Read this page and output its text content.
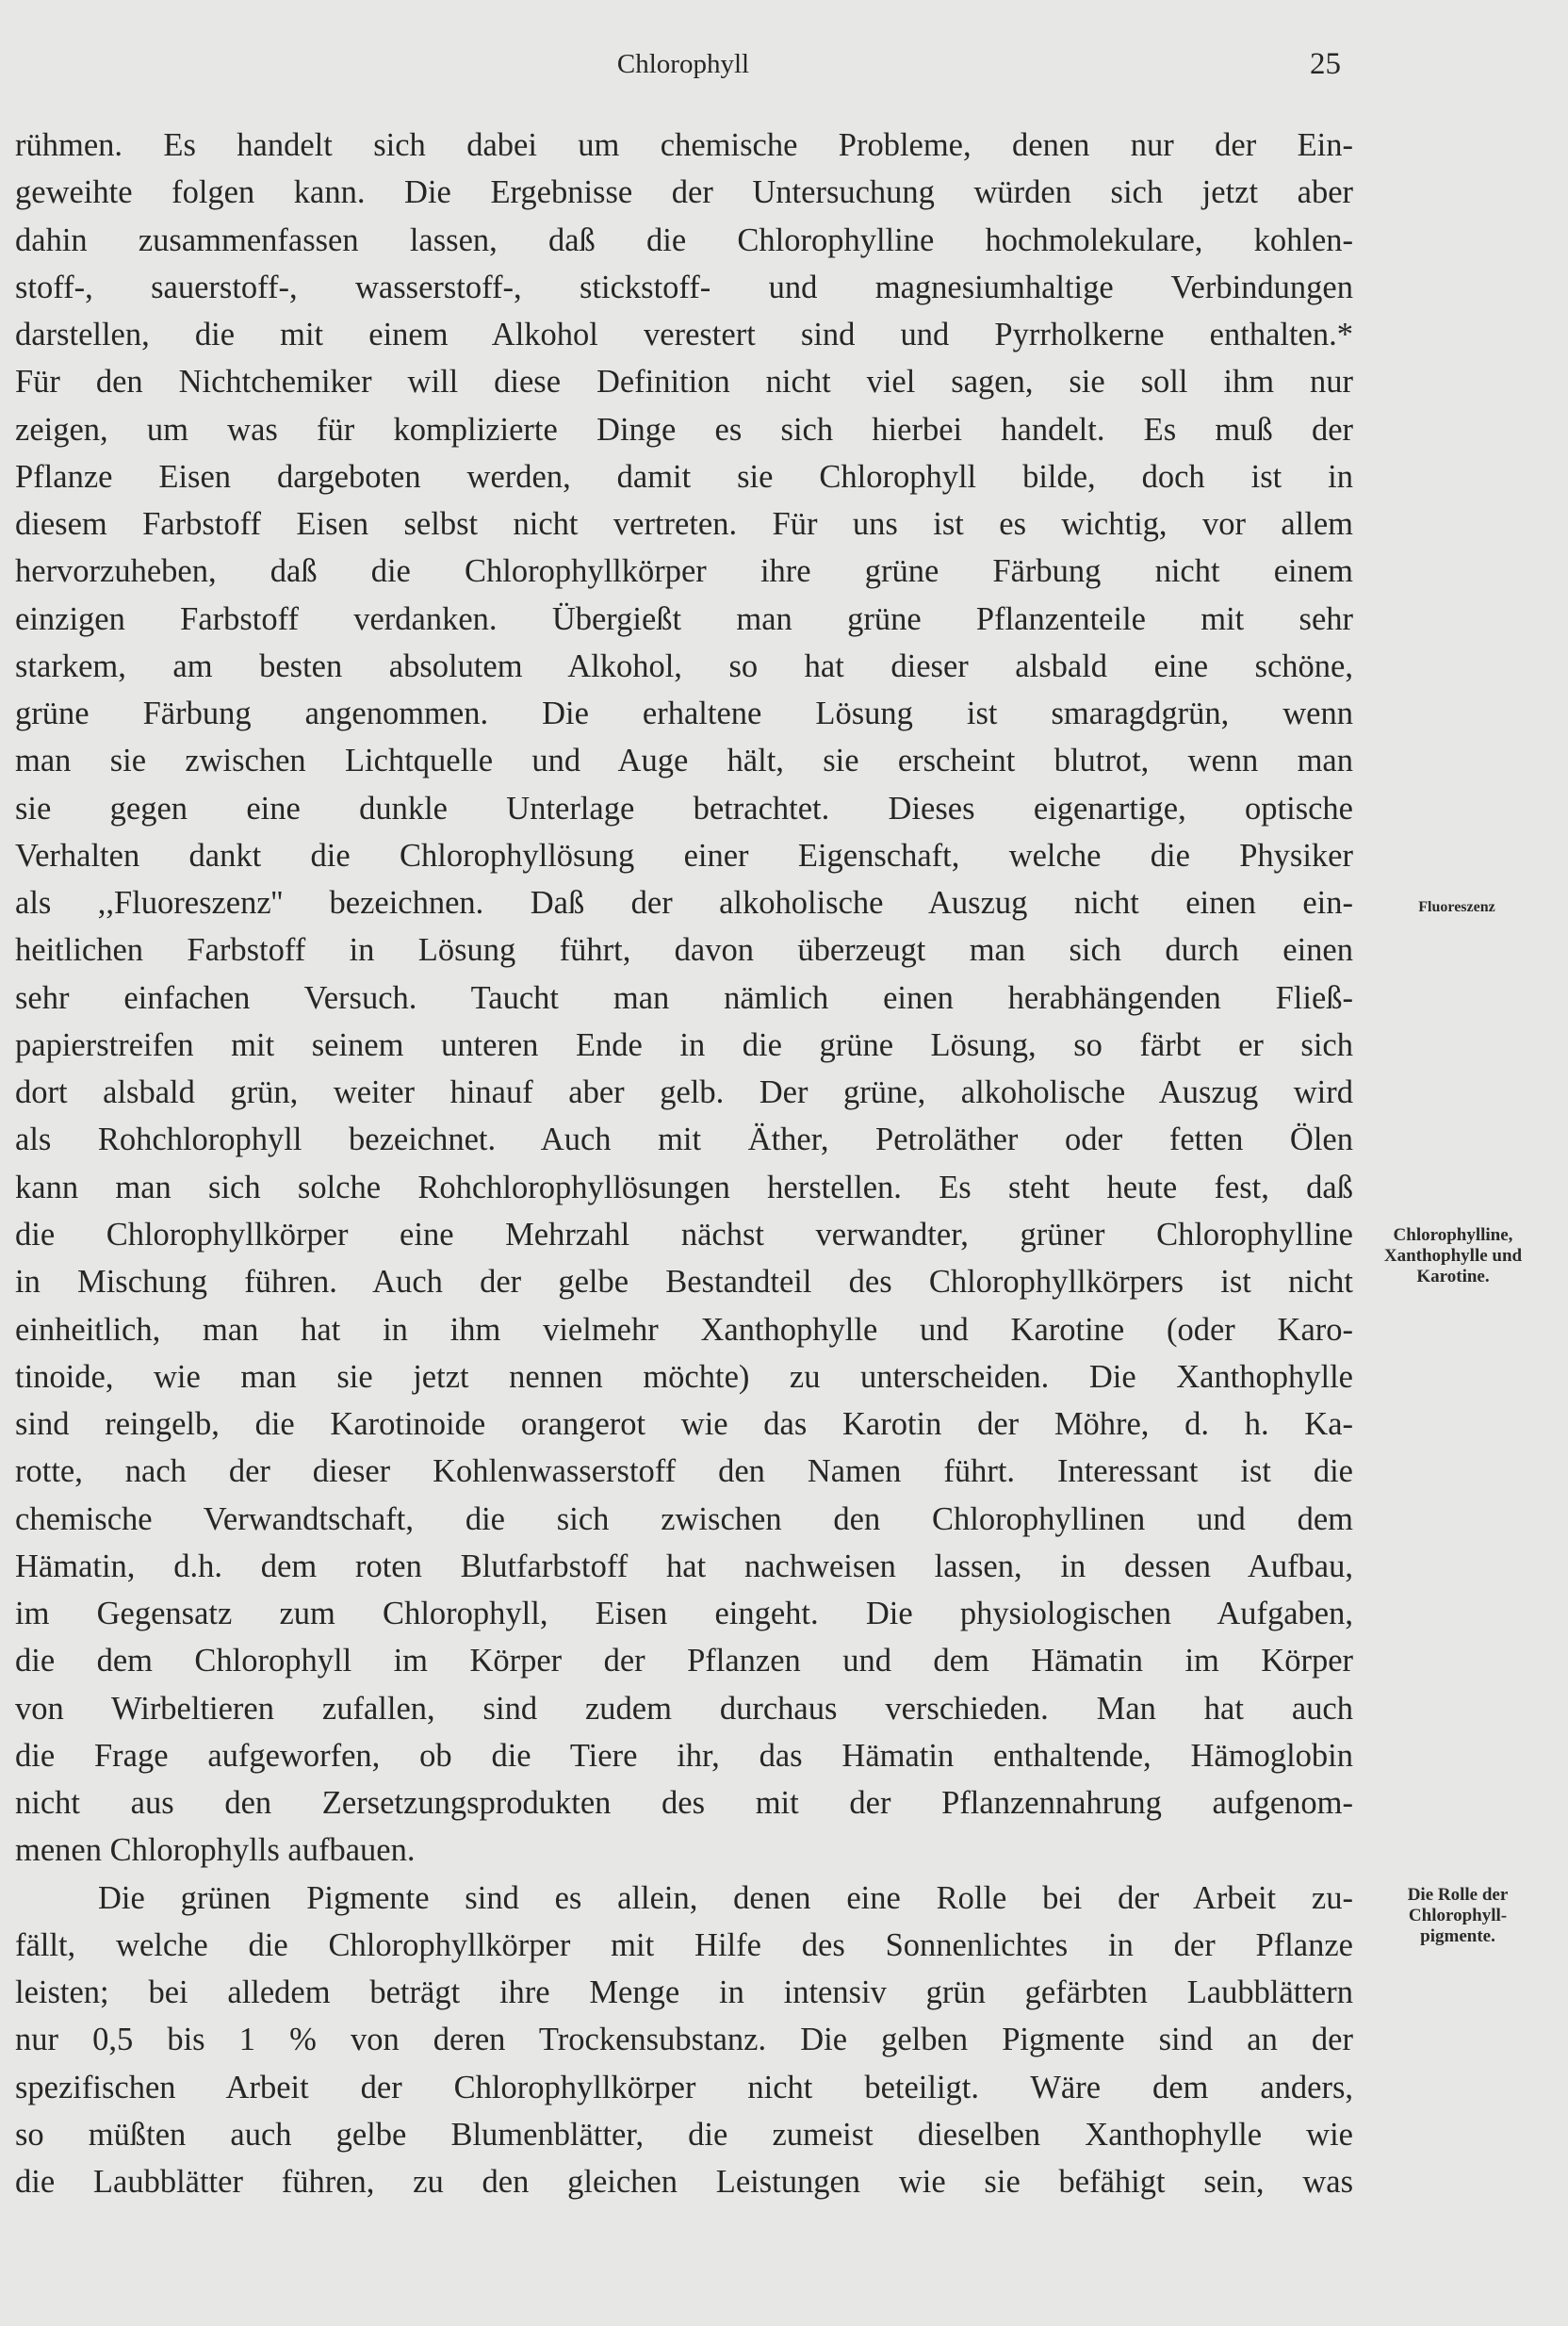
Chlorophyll	25
rühmen. Es handelt sich dabei um chemische Probleme, denen nur der Ein-
geweihte folgen kann. Die Ergebnisse der Untersuchung würden sich jetzt aber
dahin zusammenfassen lassen, daß die Chlorophylline hochmolekulare, kohlen-
stoff-, sauerstoff-, wasserstoff-, stickstoff- und magnesiumhaltige Verbindungen
darstellen, die mit einem Alkohol verestert sind und Pyrrholkerne enthalten.*
Für den Nichtchemiker will diese Definition nicht viel sagen, sie soll ihm nur
zeigen, um was für komplizierte Dinge es sich hierbei handelt. Es muß der
Pflanze Eisen dargeboten werden, damit sie Chlorophyll bilde, doch ist in
diesem Farbstoff Eisen selbst nicht vertreten. Für uns ist es wichtig, vor allem
hervorzuheben, daß die Chlorophyllkörper ihre grüne Färbung nicht einem
einzigen Farbstoff verdanken. Übergießt man grüne Pflanzenteile mit sehr
starkem, am besten absolutem Alkohol, so hat dieser alsbald eine schöne,
grüne Färbung angenommen. Die erhaltene Lösung ist smaragdgrün, wenn
man sie zwischen Lichtquelle und Auge hält, sie erscheint blutrot, wenn man
sie gegen eine dunkle Unterlage betrachtet. Dieses eigenartige, optische
Verhalten dankt die Chlorophyllösung einer Eigenschaft, welche die Physiker
als ,,Fluoreszenz'' bezeichnen. Daß der alkoholische Auszug nicht einen ein-
heitlichen Farbstoff in Lösung führt, davon überzeugt man sich durch einen
sehr einfachen Versuch. Taucht man nämlich einen herabhängenden Fließ-
papierstreifen mit seinem unteren Ende in die grüne Lösung, so färbt er sich
dort alsbald grün, weiter hinauf aber gelb. Der grüne, alkoholische Auszug wird
als Rohchlorophyll bezeichnet. Auch mit Äther, Petroläther oder fetten Ölen
kann man sich solche Rohchlorophyllösungen herstellen. Es steht heute fest, daß
die Chlorophyllkörper eine Mehrzahl nächst verwandter, grüner Chlorophylline
in Mischung führen. Auch der gelbe Bestandteil des Chlorophyllkörpers ist nicht
einheitlich, man hat in ihm vielmehr Xanthophylle und Karotine (oder Karo-
tinoide, wie man sie jetzt nennen möchte) zu unterscheiden. Die Xanthophylle
sind reingelb, die Karotinoide orangerot wie das Karotin der Möhre, d. h. Ka-
rotte, nach der dieser Kohlenwasserstoff den Namen führt. Interessant ist die
chemische Verwandtschaft, die sich zwischen den Chlorophyllinen und dem
Hämatin, d.h. dem roten Blutfarbstoff hat nachweisen lassen, in dessen Aufbau,
im Gegensatz zum Chlorophyll, Eisen eingeht. Die physiologischen Aufgaben,
die dem Chlorophyll im Körper der Pflanzen und dem Hämatin im Körper
von Wirbeltieren zufallen, sind zudem durchaus verschieden. Man hat auch
die Frage aufgeworfen, ob die Tiere ihr, das Hämatin enthaltende, Hämoglobin
nicht aus den Zersetzungsprodukten des mit der Pflanzennahrung aufgenom-
menen Chlorophylls aufbauen.
Die grünen Pigmente sind es allein, denen eine Rolle bei der Arbeit zu-
fällt, welche die Chlorophyllkörper mit Hilfe des Sonnenlichtes in der Pflanze
leisten; bei alledem beträgt ihre Menge in intensiv grün gefärbten Laubblättern
nur 0,5 bis 1 % von deren Trockensubstanz. Die gelben Pigmente sind an der
spezifischen Arbeit der Chlorophyllkörper nicht beteiligt. Wäre dem anders,
so müßten auch gelbe Blumenblätter, die zumeist dieselben Xanthophylle wie
die Laubblätter führen, zu den gleichen Leistungen wie sie befähigt sein, was
Fluoreszenz
Chlorophylline, Xanthophylle und Karotine.
Die Rolle der Chlorophyll-pigmente.
